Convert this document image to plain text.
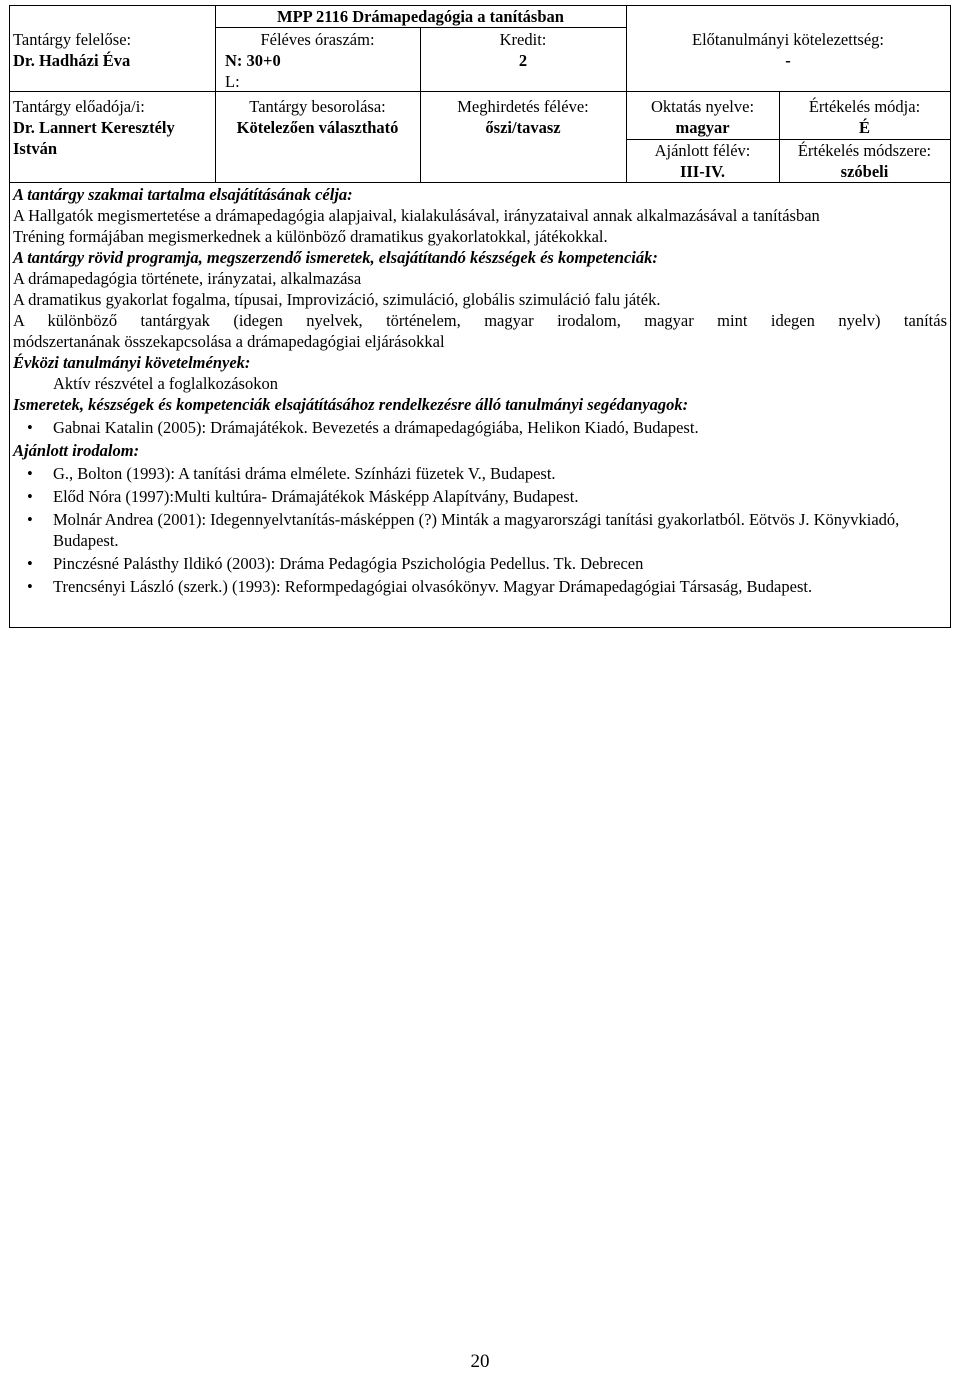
MPP 2116 Drámapedagógia a tanításban
Tantárgy felelőse:
Dr. Hadházi Éva
Féléves óraszám:
N: 30+0
L:
Kredit:
2
Előtanulmányi kötelezettség:
-
Tantárgy előadója/i:
Dr. Lannert Keresztély
István
Tantárgy besorolása:
Kötelezően választható
Meghirdetés féléve:
őszi/tavasz
Oktatás nyelve:
magyar
Értékelés módja:
É
Ajánlott félév:
III-IV.
Értékelés módszere:
szóbeli

A tantárgy szakmai tartalma elsajátításának célja:

A Hallgatók megismertetése a drámapedagógia alapjaival, kialakulásával, irányzataival annak alkalmazásával a tanításban

Tréning formájában megismerkednek a különböző dramatikus gyakorlatokkal, játékokkal.

A tantárgy rövid programja, megszerzendő ismeretek, elsajátítandó készségek és kompetenciák:

A drámapedagógia története, irányzatai, alkalmazása

A dramatikus gyakorlat fogalma, típusai, Improvizáció, szimuláció, globális szimuláció falu játék.

A különböző tantárgyak (idegen nyelvek, történelem, magyar irodalom, magyar mint idegen nyelv) tanítás

módszertanának összekapcsolása a drámapedagógiai eljárásokkal

Évközi tanulmányi követelmények:

Aktív részvétel a foglalkozásokon

Ismeretek, készségek és kompetenciák elsajátításához rendelkezésre álló tanulmányi segédanyagok:

• Gabnai Katalin (2005): Drámajátékok. Bevezetés a drámapedagógiába, Helikon Kiadó, Budapest.

Ajánlott irodalom:

• G., Bolton (1993): A tanítási dráma elmélete. Színházi füzetek V., Budapest.
• Előd Nóra (1997):Multi kultúra- Drámajátékok Másképp Alapítvány, Budapest.
• Molnár Andrea (2001): Idegennyelvtanítás-másképpen (?) Minták a magyarországi tanítási gyakorlatból. Eötvös J. Könyvkiadó, Budapest.
• Pinczésné Palásthy Ildikó (2003): Dráma Pedagógia Pszichológia Pedellus. Tk. Debrecen
• Trencsényi László (szerk.) (1993): Reformpedagógiai olvasókönyv. Magyar Drámapedagógiai Társaság, Budapest.
20
